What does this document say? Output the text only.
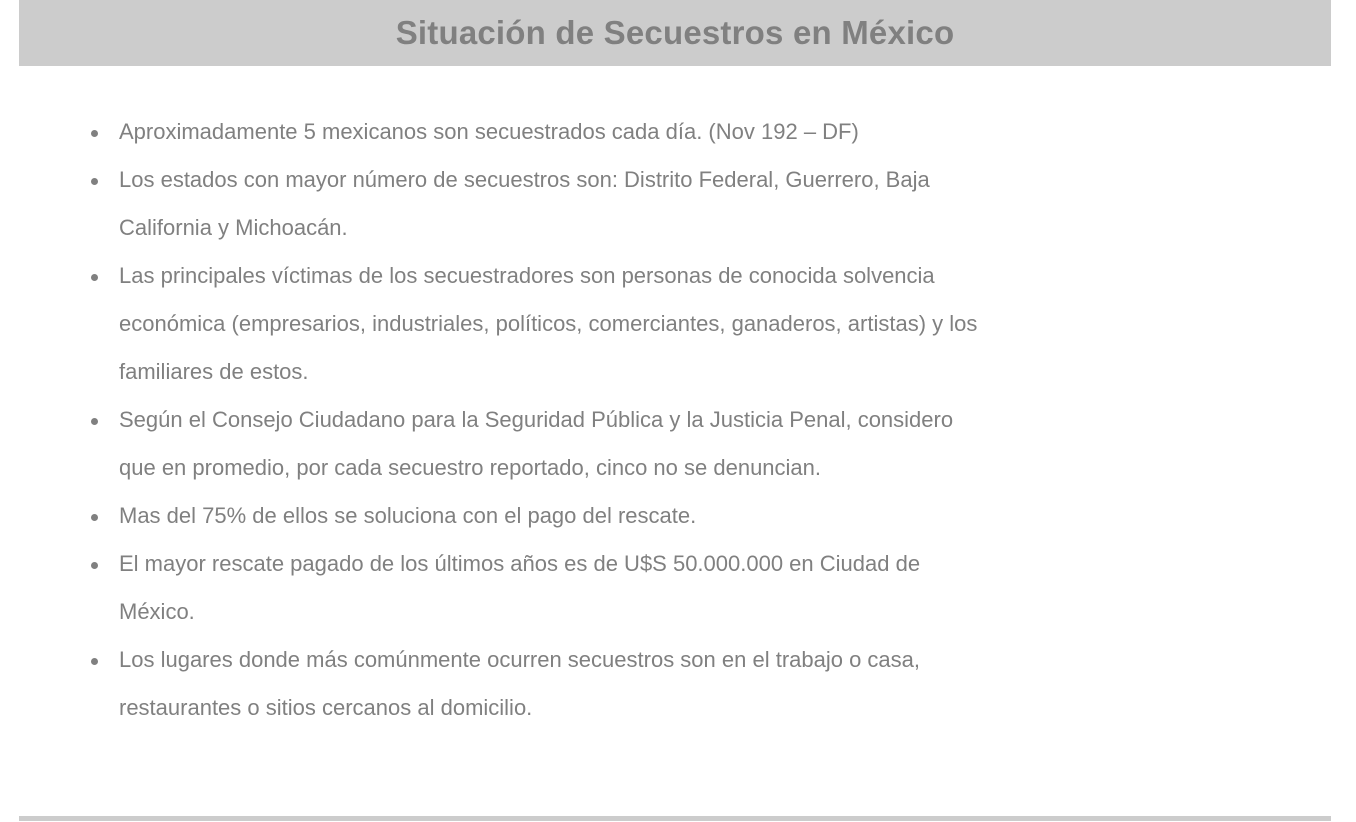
Situación de Secuestros en México
Aproximadamente 5 mexicanos son secuestrados cada día. (Nov 192 – DF)
Los estados con mayor número de secuestros son: Distrito Federal, Guerrero, Baja California y Michoacán.
Las principales víctimas de los secuestradores son personas de conocida solvencia económica (empresarios, industriales, políticos, comerciantes, ganaderos, artistas) y los familiares de estos.
Según el Consejo Ciudadano para la Seguridad Pública y la Justicia Penal, considero que en promedio, por cada secuestro reportado, cinco no se denuncian.
Mas del 75% de ellos se soluciona con el pago del rescate.
El mayor rescate pagado de los últimos años es de U$S 50.000.000 en Ciudad de México.
Los lugares donde más comúnmente ocurren secuestros son en el trabajo o casa, restaurantes o sitios cercanos al domicilio.
